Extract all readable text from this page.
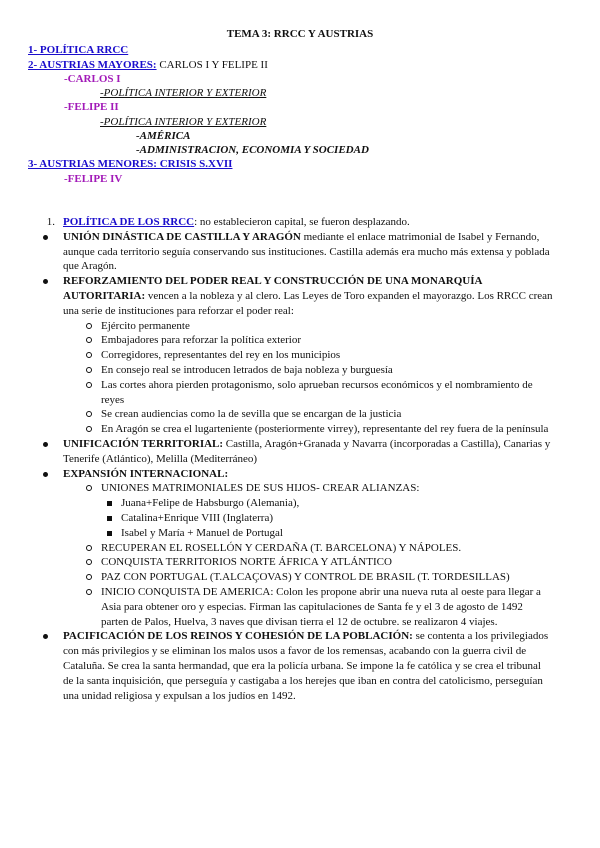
TEMA 3: RRCC Y AUSTRIAS
1- POLÍTICA RRCC
2- AUSTRIAS MAYORES: CARLOS I Y FELIPE II
-CARLOS I
-POLÍTICA INTERIOR Y EXTERIOR
-FELIPE II
-POLÍTICA INTERIOR Y EXTERIOR
-AMÉRICA
-ADMINISTRACION, ECONOMIA Y SOCIEDAD
3- AUSTRIAS MENORES: CRISIS S.XVII
-FELIPE IV
1. POLÍTICA DE LOS RRCC: no establecieron capital, se fueron desplazando.
UNIÓN DINÁSTICA DE CASTILLA Y ARAGÓN mediante el enlace matrimonial de Isabel y Fernando, aunque cada territorio seguía conservando sus instituciones. Castilla además era mucho más extensa y poblada que Aragón.
REFORZAMIENTO DEL PODER REAL Y CONSTRUCCIÓN DE UNA MONARQUÍA AUTORITARIA: vencen a la nobleza y al clero. Las Leyes de Toro expanden el mayorazgo. Los RRCC crean una serie de instituciones para reforzar el poder real:
Ejército permanente
Embajadores para reforzar la política exterior
Corregidores, representantes del rey en los municipios
En consejo real se introducen letrados de baja nobleza y burguesía
Las cortes ahora pierden protagonismo, solo aprueban recursos económicos y el nombramiento de reyes
Se crean audiencias como la de sevilla que se encargan de la justicia
En Aragón se crea el lugarteniente (posteriormente virrey), representante del rey fuera de la península
UNIFICACIÓN TERRITORIAL: Castilla, Aragón+Granada y Navarra (incorporadas a Castilla), Canarias y Tenerife (Atlántico), Melilla (Mediterráneo)
EXPANSIÓN INTERNACIONAL:
UNIONES MATRIMONIALES DE SUS HIJOS- CREAR ALIANZAS:
Juana+Felipe de Habsburgo (Alemania),
Catalina+Enrique VIII (Inglaterra)
Isabel y María + Manuel de Portugal
RECUPERAN EL ROSELLÓN Y CERDAÑA (T. BARCELONA) Y NÁPOLES.
CONQUISTA TERRITORIOS NORTE ÁFRICA Y ATLÁNTICO
PAZ CON PORTUGAL (T.ALCAÇOVAS) Y CONTROL DE BRASIL (T. TORDESILLAS)
INICIO CONQUISTA DE AMERICA: Colon les propone abrir una nueva ruta al oeste para llegar a Asia para obtener oro y especias. Firman las capitulaciones de Santa fe y el 3 de agosto de 1492 parten de Palos, Huelva, 3 naves que divisan tierra el 12 de octubre. se realizaron 4 viajes.
PACIFICACIÓN DE LOS REINOS Y COHESIÓN DE LA POBLACIÓN: se contenta a los privilegiados con más privilegios y se eliminan los malos usos a favor de los remensas, acabando con la guerra civil de Cataluña. Se crea la santa hermandad, que era la policía urbana. Se impone la fe católica y se crea el tribunal de la santa inquisición, que perseguía y castigaba a los herejes que iban en contra del catolicismo, perseguían una unidad religiosa y expulsan a los judíos en 1492.
